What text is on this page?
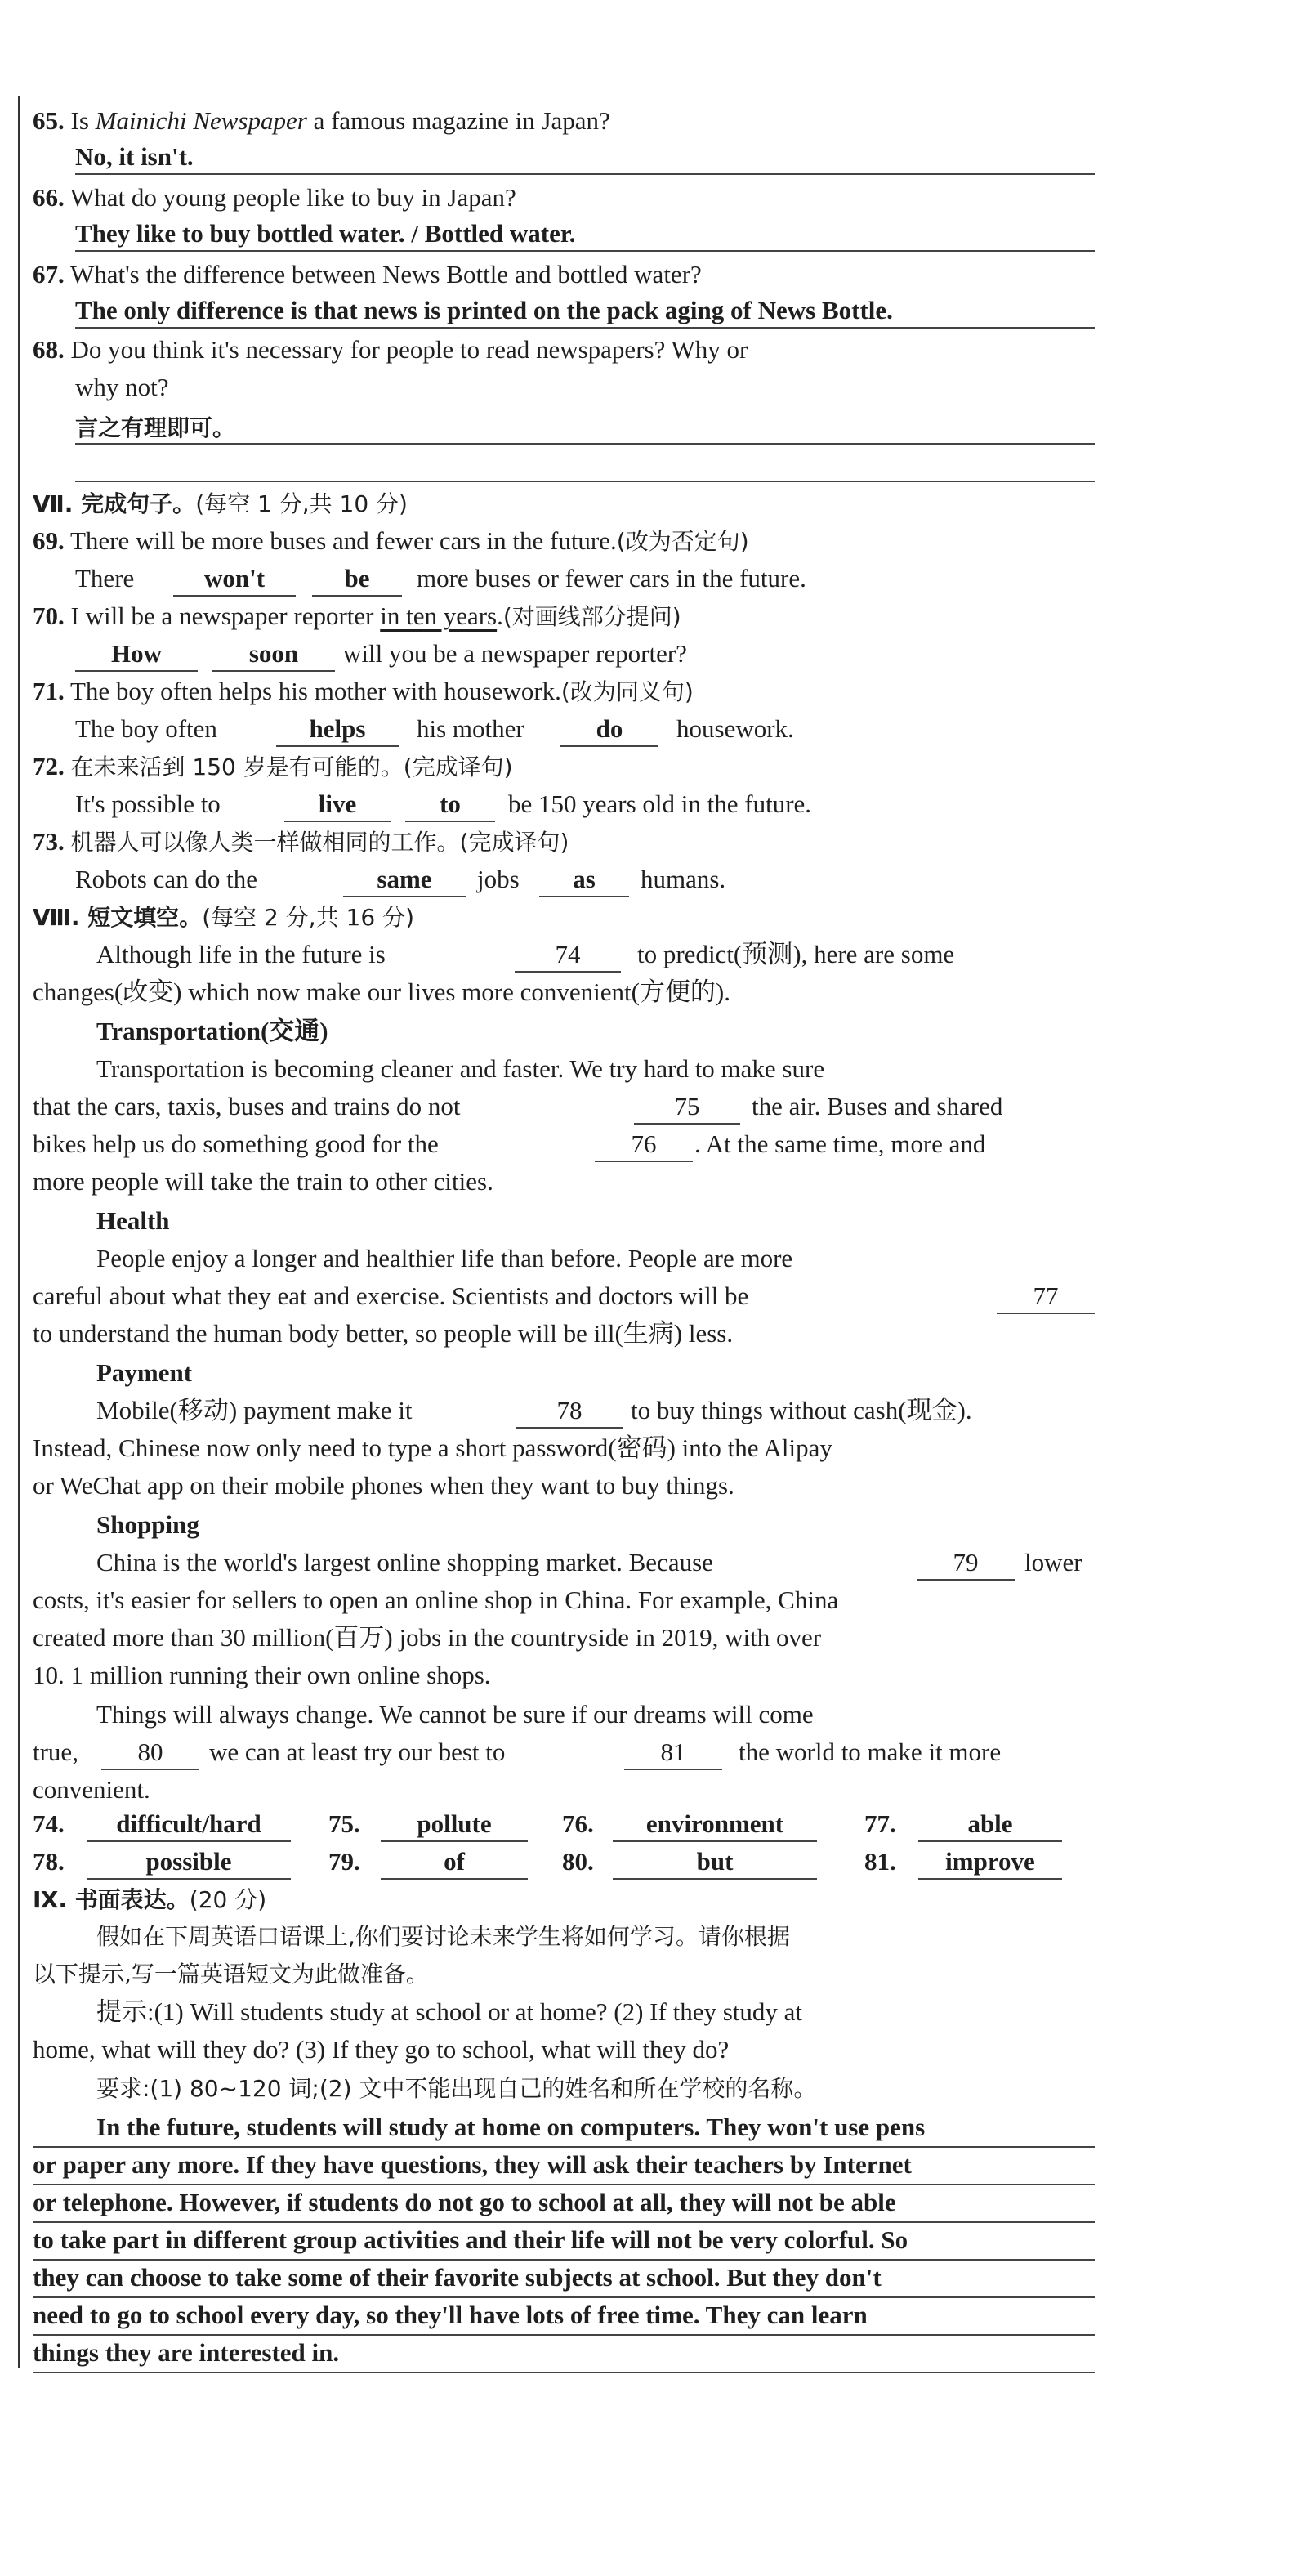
65. Is Mainichi Newspaper a famous magazine in Japan?
No, it isn't.
66. What do young people like to buy in Japan?
They like to buy bottled water. / Bottled water.
67. What's the difference between News Bottle and bottled water?
The only difference is that news is printed on the pack aging of News Bottle.
68. Do you think it's necessary for people to read newspapers? Why or
why not?
言之有理即可。
Ⅶ. 完成句子。(每空 1 分,共 10 分)
69. There will be more buses and fewer cars in the future.(改为否定句)
There	won't	be	more buses or fewer cars in the future.
70. I will be a newspaper reporter in ten years.(对画线部分提问)
How	soon	will you be a newspaper reporter?
71. The boy often helps his mother with housework.(改为同义句)
The boy often	helps	his mother	do	housework.
72. 在未来活到 150 岁是有可能的。(完成译句)
It's possible to	live	to	be 150 years old in the future.
73. 机器人可以像人类一样做相同的工作。(完成译句)
Robots can do the	same	jobs	as	humans.
Ⅷ. 短文填空。(每空 2 分,共 16 分)
Although life in the future is	74	to predict(预测), here are some
changes(改变) which now make our lives more convenient(方便的).
Transportation(交通)
Transportation is becoming cleaner and faster. We try hard to make sure
that the cars, taxis, buses and trains do not	75	the air. Buses and shared
bikes help us do something good for the	76	. At the same time, more and
more people will take the train to other cities.
Health
People enjoy a longer and healthier life than before. People are more
careful about what they eat and exercise. Scientists and doctors will be	77
to understand the human body better, so people will be ill(生病) less.
Payment
Mobile(移动) payment make it	78	to buy things without cash(现金).
Instead, Chinese now only need to type a short password(密码) into the Alipay
or WeChat app on their mobile phones when they want to buy things.
Shopping
China is the world's largest online shopping market. Because	79	lower
costs, it's easier for sellers to open an online shop in China. For example, China
created more than 30 million(百万) jobs in the countryside in 2019, with over
10. 1 million running their own online shops.
Things will always change. We cannot be sure if our dreams will come
true,	80	we can at least try our best to	81	the world to make it more
convenient.
74.	difficult/hard	75.	pollute	76.	environment	77.	able
78.	possible	79.	of	80.	but	81.	improve
Ⅸ. 书面表达。(20 分)
假如在下周英语口语课上,你们要讨论未来学生将如何学习。请你根据
以下提示,写一篇英语短文为此做准备。
提示:(1) Will students study at school or at home? (2) If they study at
home, what will they do? (3) If they go to school, what will they do?
要求:(1) 80~120 词;(2) 文中不能出现自己的姓名和所在学校的名称。
In the future, students will study at home on computers. They won't use pens
or paper any more. If they have questions, they will ask their teachers by Internet
or telephone. However, if students do not go to school at all, they will not be able
to take part in different group activities and their life will not be very colorful. So
they can choose to take some of their favorite subjects at school. But they don't
need to go to school every day, so they'll have lots of free time. They can learn
things they are interested in.
